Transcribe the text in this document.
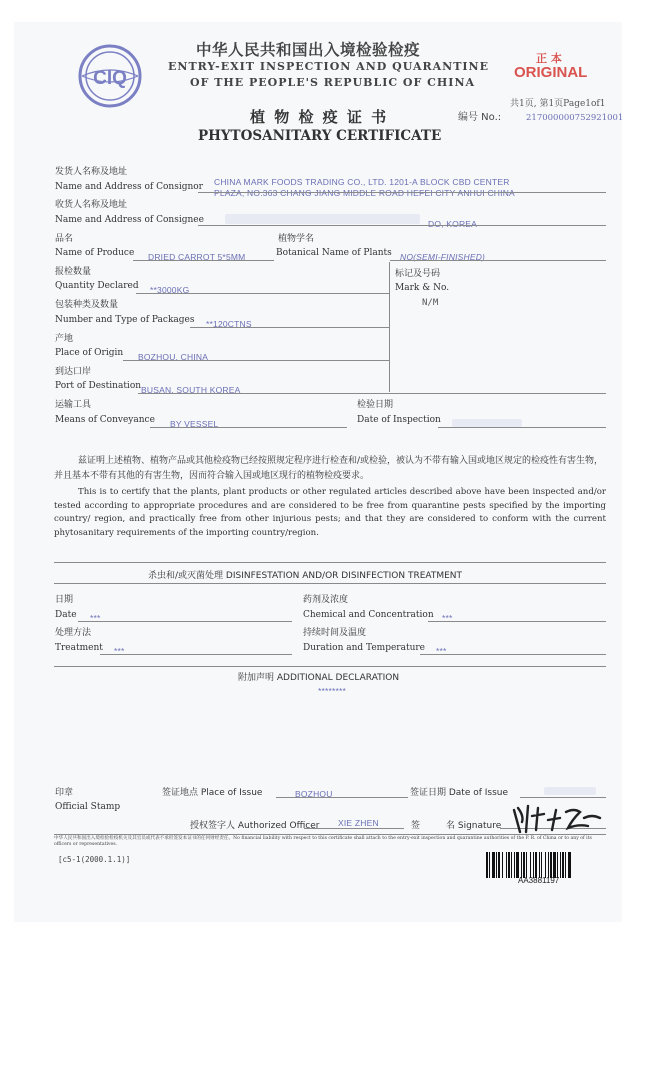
CIQ
中华人民共和国出入境检验检疫
ENTRY-EXIT INSPECTION AND QUARANTINE
OF THE PEOPLE'S REPUBLIC OF CHINA
正 本
ORIGINAL
共1页, 第1页Page1of1
植 物 检 疫 证 书	编号 No.:	217000000752921001
PHYTOSANITARY CERTIFICATE
发货人名称及地址
Name and Address of Consignor CHINA MARK FOODS TRADING CO., LTD. 1201-A BLOCK CBD CENTER
PLAZA, NO.363 CHANG JIANG MIDDLE ROAD HEFEI CITY ANHUI CHINA
收货人名称及地址
Name and Address of Consignee	DO, KOREA
品名	植物学名
Name of Produce DRIED CARROT 5*5MM	Botanical Name of Plants NO(SEMI-FINISHED)
报检数量
Quantity Declared **3000KG
标记及号码
Mark & No.
N/M
包装种类及数量
Number and Type of Packages **120CTNS
产地
Place of Origin BOZHOU, CHINA
到达口岸
Port of Destination BUSAN, SOUTH KOREA
运输工具	检验日期
Means of Conveyance BY VESSEL	Date of Inspection
兹证明上述植物、植物产品或其他检疫物已经按照规定程序进行检查和/或检验，被认为不带有输入国或地区规定的检疫性有害生物，并且基本不带有其他的有害生物，因而符合输入国或地区现行的植物检疫要求。
This is to certify that the plants, plant products or other regulated articles described above have been inspected and/or tested according to appropriate procedures and are considered to be free from quarantine pests specified by the importing country/ region, and practically free from other injurious pests; and that they are considered to conform with the current phytosanitary requirements of the importing country/region.
杀虫和/或灭菌处理 DISINFESTATION AND/OR DISINFECTION TREATMENT
日期	药剂及浓度
Date ***	Chemical and Concentration ***
处理方法	持续时间及温度
Treatment ***	Duration and Temperature ***
附加声明 ADDITIONAL DECLARATION
********
印章
Official Stamp
签证地点 Place of Issue	BOZHOU	签证日期 Date of Issue
授权签字人 Authorized Officer XIE ZHEN	签	名 Signature
中华人民共和国出入境检验检疫机关及其官员或代表不承担签发本证书的任何财经责任。No financial liability with respect to this certificate shall attach to the entry-exit inspection and quarantine authorities of the P. R. of China or to any of its officers or representatives.
[c5-1(2000.1.1)]
AA3881197
